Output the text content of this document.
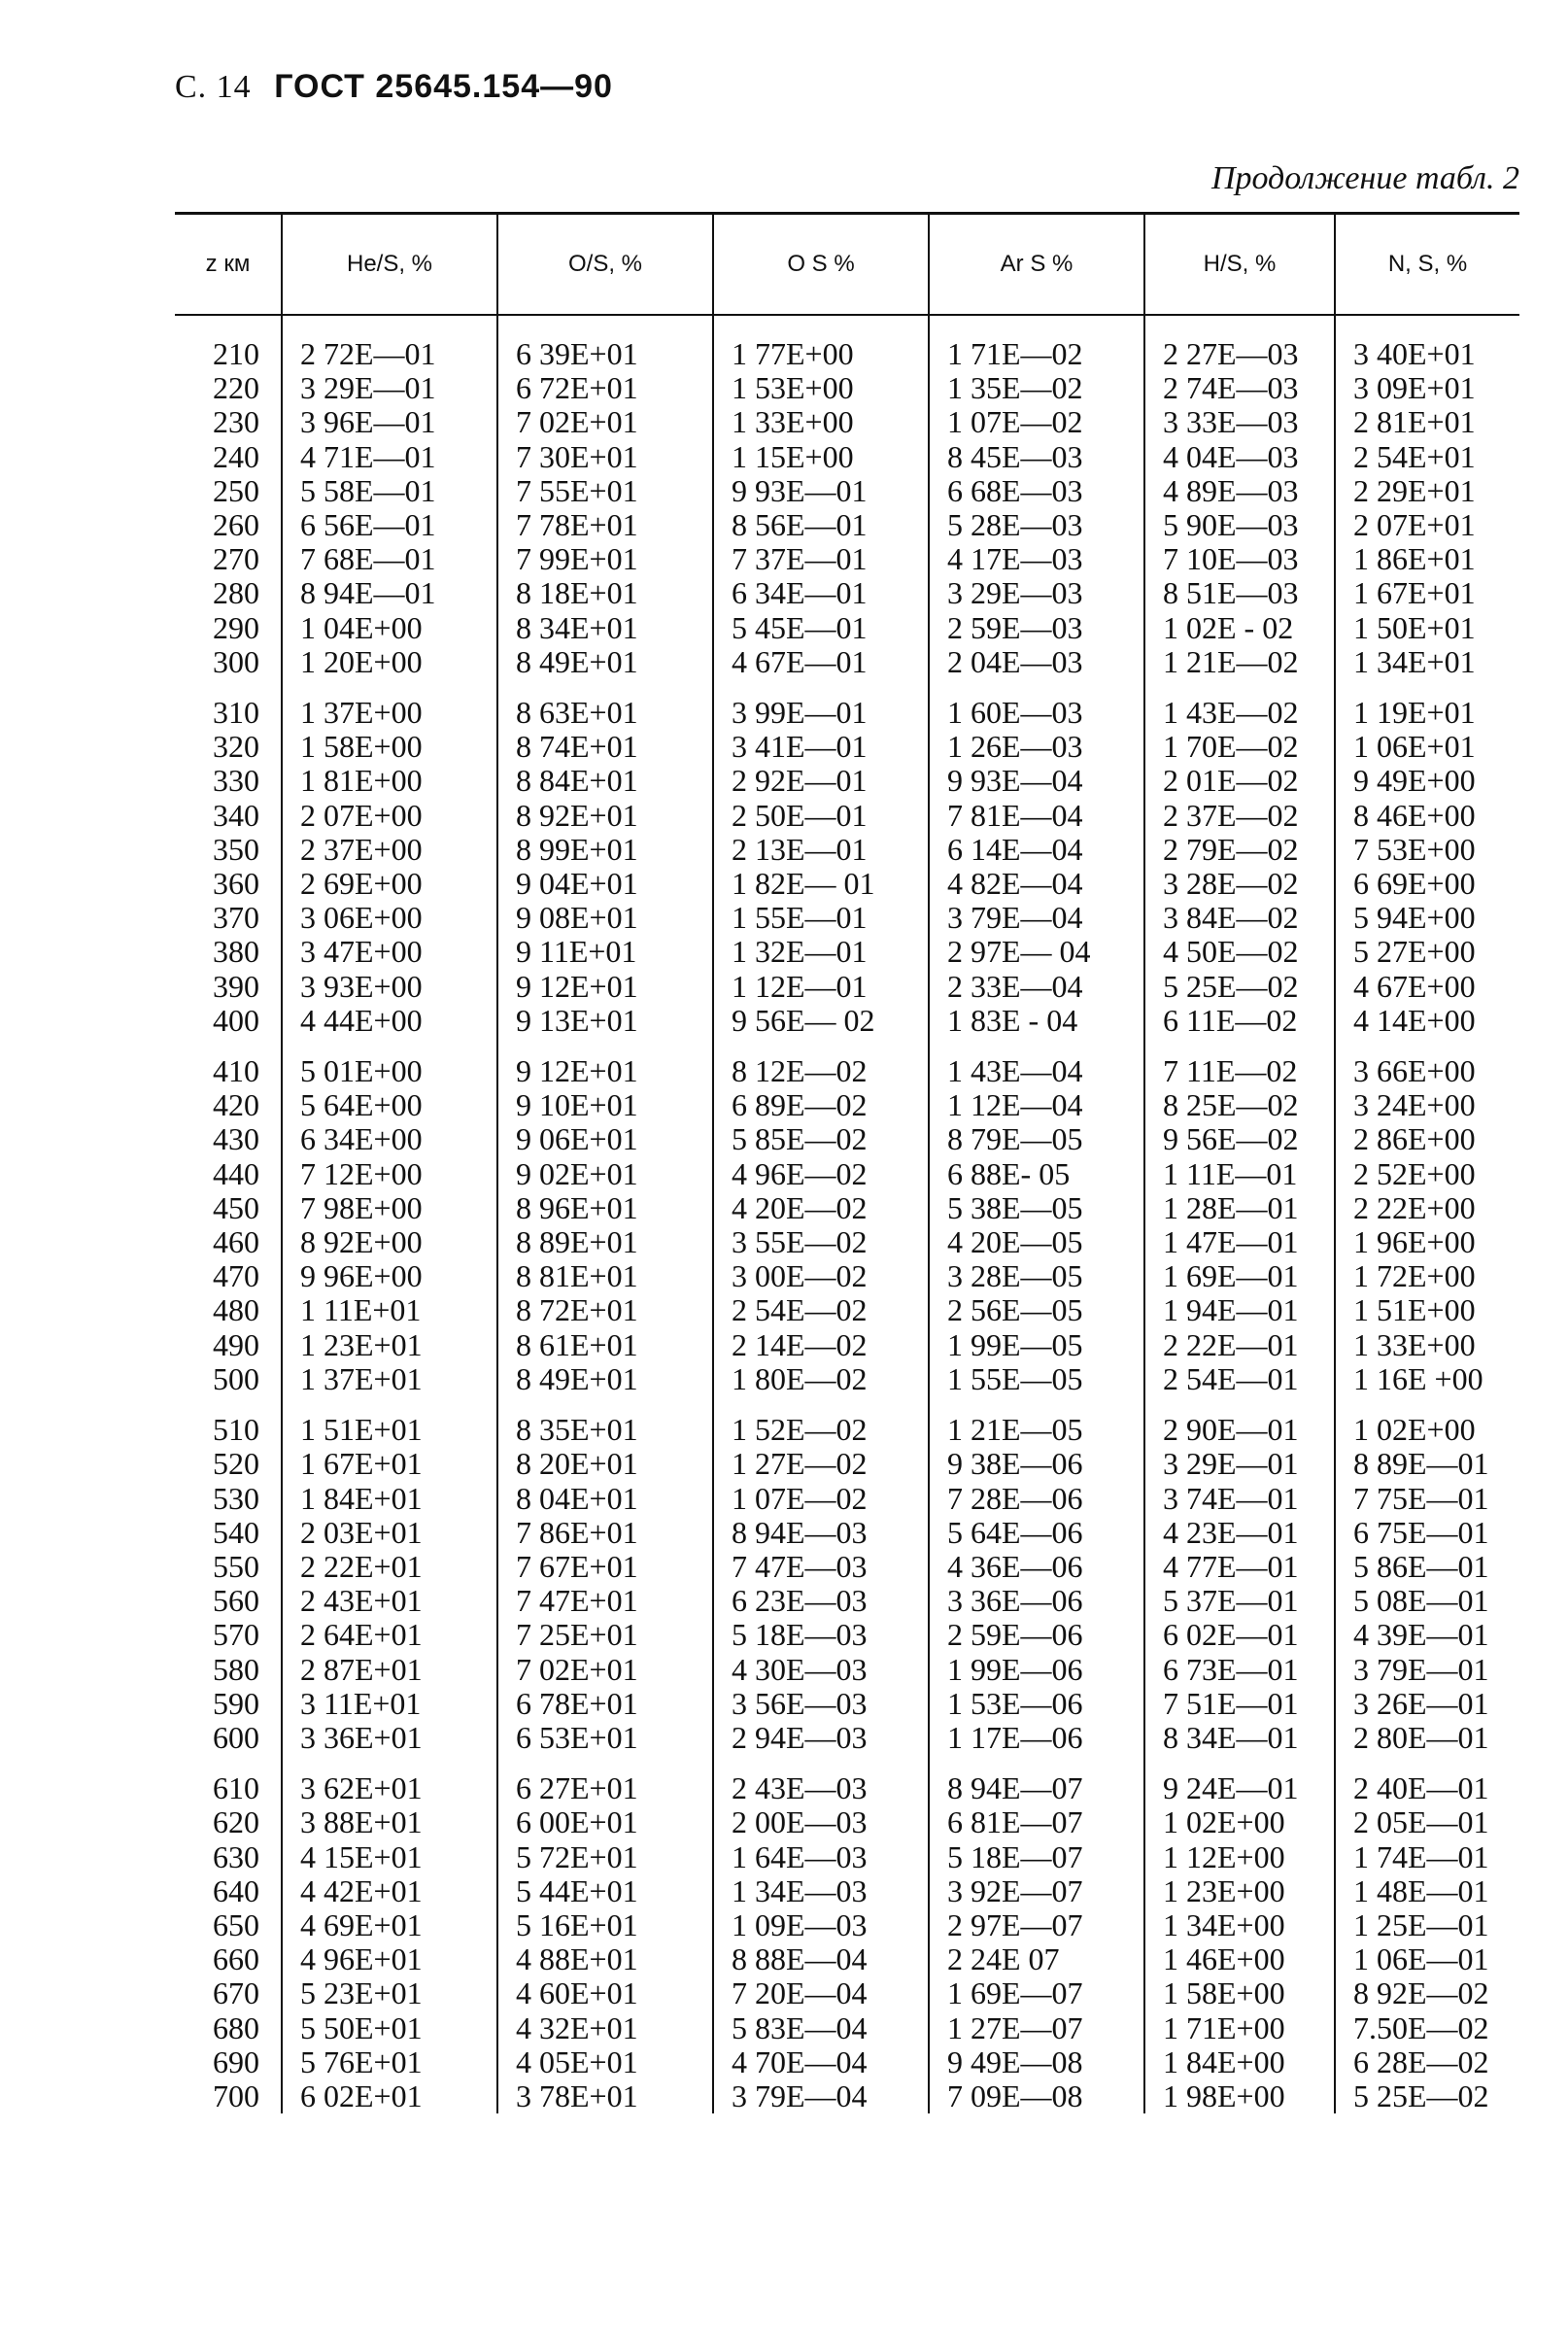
С. 14 ГОСТ 25645.154—90
Продолжение табл. 2
z км	He/S, %	O/S, %	O S %	Ar S %	H/S, %	N, S, %
210	2 72E—01	6 39E+01	1 77E+00	1 71E—02	2 27E—03	3 40E+01
220	3 29E—01	6 72E+01	1 53E+00	1 35E—02	2 74E—03	3 09E+01
230	3 96E—01	7 02E+01	1 33E+00	1 07E—02	3 33E—03	2 81E+01
240	4 71E—01	7 30E+01	1 15E+00	8 45E—03	4 04E—03	2 54E+01
250	5 58E—01	7 55E+01	9 93E—01	6 68E—03	4 89E—03	2 29E+01
260	6 56E—01	7 78E+01	8 56E—01	5 28E—03	5 90E—03	2 07E+01
270	7 68E—01	7 99E+01	7 37E—01	4 17E—03	7 10E—03	1 86E+01
280	8 94E—01	8 18E+01	6 34E—01	3 29E—03	8 51E—03	1 67E+01
290	1 04E+00	8 34E+01	5 45E—01	2 59E—03	1 02E - 02	1 50E+01
300	1 20E+00	8 49E+01	4 67E—01	2 04E—03	1 21E—02	1 34E+01
310	1 37E+00	8 63E+01	3 99E—01	1 60E—03	1 43E—02	1 19E+01
320	1 58E+00	8 74E+01	3 41E—01	1 26E—03	1 70E—02	1 06E+01
330	1 81E+00	8 84E+01	2 92E—01	9 93E—04	2 01E—02	9 49E+00
340	2 07E+00	8 92E+01	2 50E—01	7 81E—04	2 37E—02	8 46E+00
350	2 37E+00	8 99E+01	2 13E—01	6 14E—04	2 79E—02	7 53E+00
360	2 69E+00	9 04E+01	1 82E— 01	4 82E—04	3 28E—02	6 69E+00
370	3 06E+00	9 08E+01	1 55E—01	3 79E—04	3 84E—02	5 94E+00
380	3 47E+00	9 11E+01	1 32E—01	2 97E— 04	4 50E—02	5 27E+00
390	3 93E+00	9 12E+01	1 12E—01	2 33E—04	5 25E—02	4 67E+00
400	4 44E+00	9 13E+01	9 56E— 02	1 83E - 04	6 11E—02	4 14E+00
410	5 01E+00	9 12E+01	8 12E—02	1 43E—04	7 11E—02	3 66E+00
420	5 64E+00	9 10E+01	6 89E—02	1 12E—04	8 25E—02	3 24E+00
430	6 34E+00	9 06E+01	5 85E—02	8 79E—05	9 56E—02	2 86E+00
440	7 12E+00	9 02E+01	4 96E—02	6 88E- 05	1 11E—01	2 52E+00
450	7 98E+00	8 96E+01	4 20E—02	5 38E—05	1 28E—01	2 22E+00
460	8 92E+00	8 89E+01	3 55E—02	4 20E—05	1 47E—01	1 96E+00
470	9 96E+00	8 81E+01	3 00E—02	3 28E—05	1 69E—01	1 72E+00
480	1 11E+01	8 72E+01	2 54E—02	2 56E—05	1 94E—01	1 51E+00
490	1 23E+01	8 61E+01	2 14E—02	1 99E—05	2 22E—01	1 33E+00
500	1 37E+01	8 49E+01	1 80E—02	1 55E—05	2 54E—01	1 16E +00
510	1 51E+01	8 35E+01	1 52E—02	1 21E—05	2 90E—01	1 02E+00
520	1 67E+01	8 20E+01	1 27E—02	9 38E—06	3 29E—01	8 89E—01
530	1 84E+01	8 04E+01	1 07E—02	7 28E—06	3 74E—01	7 75E—01
540	2 03E+01	7 86E+01	8 94E—03	5 64E—06	4 23E—01	6 75E—01
550	2 22E+01	7 67E+01	7 47E—03	4 36E—06	4 77E—01	5 86E—01
560	2 43E+01	7 47E+01	6 23E—03	3 36E—06	5 37E—01	5 08E—01
570	2 64E+01	7 25E+01	5 18E—03	2 59E—06	6 02E—01	4 39E—01
580	2 87E+01	7 02E+01	4 30E—03	1 99E—06	6 73E—01	3 79E—01
590	3 11E+01	6 78E+01	3 56E—03	1 53E—06	7 51E—01	3 26E—01
600	3 36E+01	6 53E+01	2 94E—03	1 17E—06	8 34E—01	2 80E—01
610	3 62E+01	6 27E+01	2 43E—03	8 94E—07	9 24E—01	2 40E—01
620	3 88E+01	6 00E+01	2 00E—03	6 81E—07	1 02E+00	2 05E—01
630	4 15E+01	5 72E+01	1 64E—03	5 18E—07	1 12E+00	1 74E—01
640	4 42E+01	5 44E+01	1 34E—03	3 92E—07	1 23E+00	1 48E—01
650	4 69E+01	5 16E+01	1 09E—03	2 97E—07	1 34E+00	1 25E—01
660	4 96E+01	4 88E+01	8 88E—04	2 24E 07	1 46E+00	1 06E—01
670	5 23E+01	4 60E+01	7 20E—04	1 69E—07	1 58E+00	8 92E—02
680	5 50E+01	4 32E+01	5 83E—04	1 27E—07	1 71E+00	7.50E—02
690	5 76E+01	4 05E+01	4 70E—04	9 49E—08	1 84E+00	6 28E—02
700	6 02E+01	3 78E+01	3 79E—04	7 09E—08	1 98E+00	5 25E—02
